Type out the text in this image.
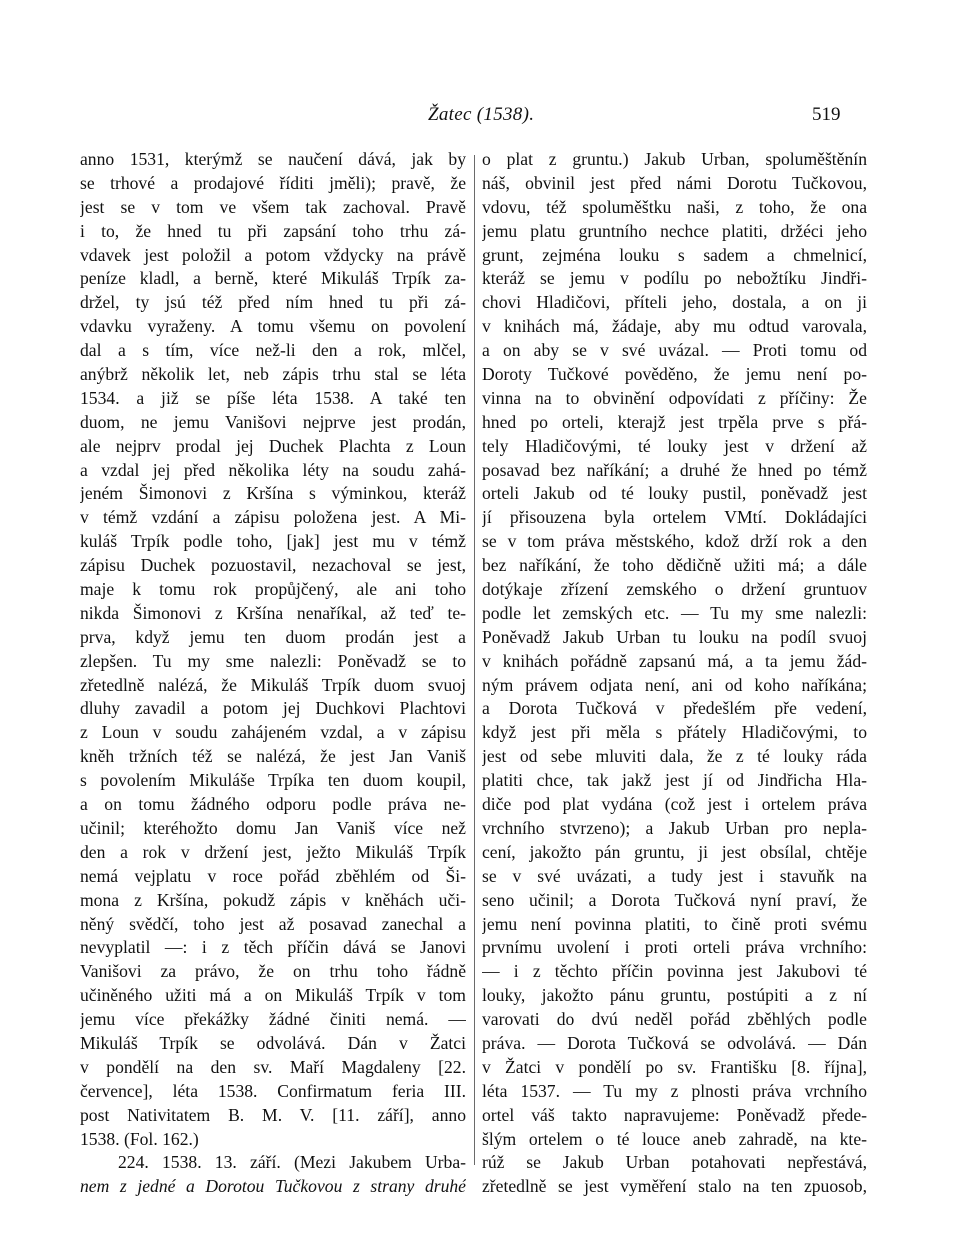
Žatec (1538).	519
anno 1531, kterýmž se naučení dává, jak by
se trhové a prodajové říditi jměli); pravě, že
jest se v tom ve všem tak zachoval. Pravě
i to, že hned tu při zapsání toho trhu zá-
vdavek jest položil a potom vždycky na právě
peníze kladl, a berně, které Mikuláš Trpík za-
držel, ty jsú též před ním hned tu při zá-
vdavku vyraženy. A tomu všemu on povolení
dal a s tím, více než-li den a rok, mlčel,
anýbrž několik let, neb zápis trhu stal se léta
1534. a již se píše léta 1538. A také ten
duom, ne jemu Vanišovi nejprve jest prodán,
ale nejprv prodal jej Duchek Plachta z Loun
a vzdal jej před několika léty na soudu zahá-
jeném Šimonovi z Kršína s výminkou, kteráž
v témž vzdání a zápisu položena jest. A Mi-
kuláš Trpík podle toho, [jak] jest mu v témž
zápisu Duchek pozuostavil, nezachoval se jest,
maje k tomu rok propůjčený, ale ani toho
nikda Šimonovi z Kršína nenaříkal, až teď te-
prva, když jemu ten duom prodán jest a
zlepšen. Tu my sme nalezli: Poněvadž se to
zřetedlně nalézá, že Mikuláš Trpík duom svuoj
dluhy zavadil a potom jej Duchkovi Plachtovi
z Loun v soudu zahájeném vzdal, a v zápisu
kněh tržních též se nalézá, že jest Jan Vaniš
s povolením Mikuláše Trpíka ten duom koupil,
a on tomu žádného odporu podle práva ne-
učinil; kteréhožto domu Jan Vaniš více než
den a rok v držení jest, ježto Mikuláš Trpík
nemá vejplatu v roce pořád zběhlém od Ši-
mona z Kršína, pokudž zápis v kněhách uči-
něný svědčí, toho jest až posavad zanechal a
nevyplatil —: i z těch příčin dává se Janovi
Vanišovi za právo, že on trhu toho řádně
učiněného užiti má a on Mikuláš Trpík v tom
jemu více překážky žádné činiti nemá. —
Mikuláš Trpík se odvolává. Dán v Žatci
v pondělí na den sv. Maří Magdaleny [22.
července], léta 1538. Confirmatum feria III.
post Nativitatem B. M. V. [11. září], anno
1538. (Fol. 162.)
224. 1538. 13. září. (Mezi Jakubem Urba-
nem z jedné a Dorotou Tučkovou z strany druhé
o plat z gruntu.) Jakub Urban, spoluměštěnín
náš, obvinil jest před námi Dorotu Tučkovou,
vdovu, též spoluměštku naši, z toho, že ona
jemu platu gruntního nechce platiti, držéci jeho
grunt, zejména louku s sadem a chmelnicí,
kteráž se jemu v podílu po nebožtíku Jindři-
chovi Hladičovi, příteli jeho, dostala, a on ji
v knihách má, žádaje, aby mu odtud varovala,
a on aby se v své uvázal. — Proti tomu od
Doroty Tučkové pověděno, že jemu není po-
vinna na to obvinění odpovídati z příčiny: Že
hned po orteli, kterajž jest trpěla prve s přá-
tely Hladičovými, té louky jest v držení až
posavad bez naříkání; a druhé že hned po témž
orteli Jakub od té louky pustil, poněvadž jest
jí přisouzena byla ortelem VMtí. Dokládajíci
se v tom práva městského, kdož drží rok a den
bez naříkání, že toho dědičně užiti má; a dále
dotýkaje zřízení zemského o držení gruntuov
podle let zemských etc. — Tu my sme nalezli:
Poněvadž Jakub Urban tu louku na podíl svuoj
v knihách pořádně zapsanú má, a ta jemu žád-
ným právem odjata není, ani od koho naříkána;
a Dorota Tučková v předešlém pře vedení,
když jest při měla s přátely Hladičovými, to
jest od sebe mluviti dala, že z té louky ráda
platiti chce, tak jakž jest jí od Jindřicha Hla-
diče pod plat vydána (což jest i ortelem práva
vrchního stvrzeno); a Jakub Urban pro nepla-
cení, jakožto pán gruntu, ji jest obsílal, chtěje
se v své uvázati, a tudy jest i stavuňk na
seno učinil; a Dorota Tučková nyní praví, že
jemu není povinna platiti, to čině proti svému
prvnímu uvolení i proti orteli práva vrchního:
— i z těchto příčin povinna jest Jakubovi té
louky, jakožto pánu gruntu, postúpiti a z ní
varovati do dvú neděl pořád zběhlých podle
práva. — Dorota Tučková se odvolává. — Dán
v Žatci v pondělí po sv. Františku [8. října],
léta 1537. — Tu my z plnosti práva vrchního
ortel váš takto napravujeme: Poněvadž přede-
šlým ortelem o té louce aneb zahradě, na kte-
rúž se Jakub Urban potahovati nepřestává,
zřetedlně se jest vyměření stalo na ten zpuosob,
